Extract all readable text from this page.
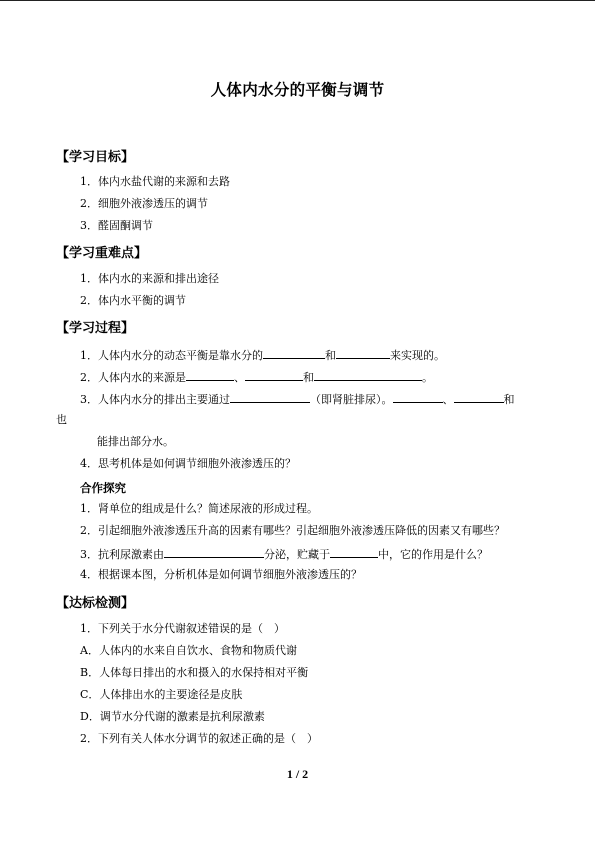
人体内水分的平衡与调节
【学习目标】
1．体内水盐代谢的来源和去路
2．细胞外液渗透压的调节
3．醛固酮调节
【学习重难点】
1．体内水的来源和排出途径
2．体内水平衡的调节
【学习过程】
1．人体内水分的动态平衡是靠水分的	和	来实现的。
2．人体内水的来源是	、	和	。
3．人体内水分的排出主要通过	（即肾脏排尿）。	、	和
也
能排出部分水。
4．思考机体是如何调节细胞外液渗透压的？
合作探究
1．肾单位的组成是什么？简述尿液的形成过程。
2．引起细胞外液渗透压升高的因素有哪些？引起细胞外液渗透压降低的因素又有哪些？
3．抗利尿激素由	分泌，贮藏于	中，它的作用是什么？
4．根据课本图，分析机体是如何调节细胞外液渗透压的？
【达标检测】
1．下列关于水分代谢叙述错误的是（　）
A．人体内的水来自自饮水、食物和物质代谢
B．人体每日排出的水和摄入的水保持相对平衡
C．人体排出水的主要途径是皮肤
D．调节水分代谢的激素是抗利尿激素
2．下列有关人体水分调节的叙述正确的是（　）
1 / 2
